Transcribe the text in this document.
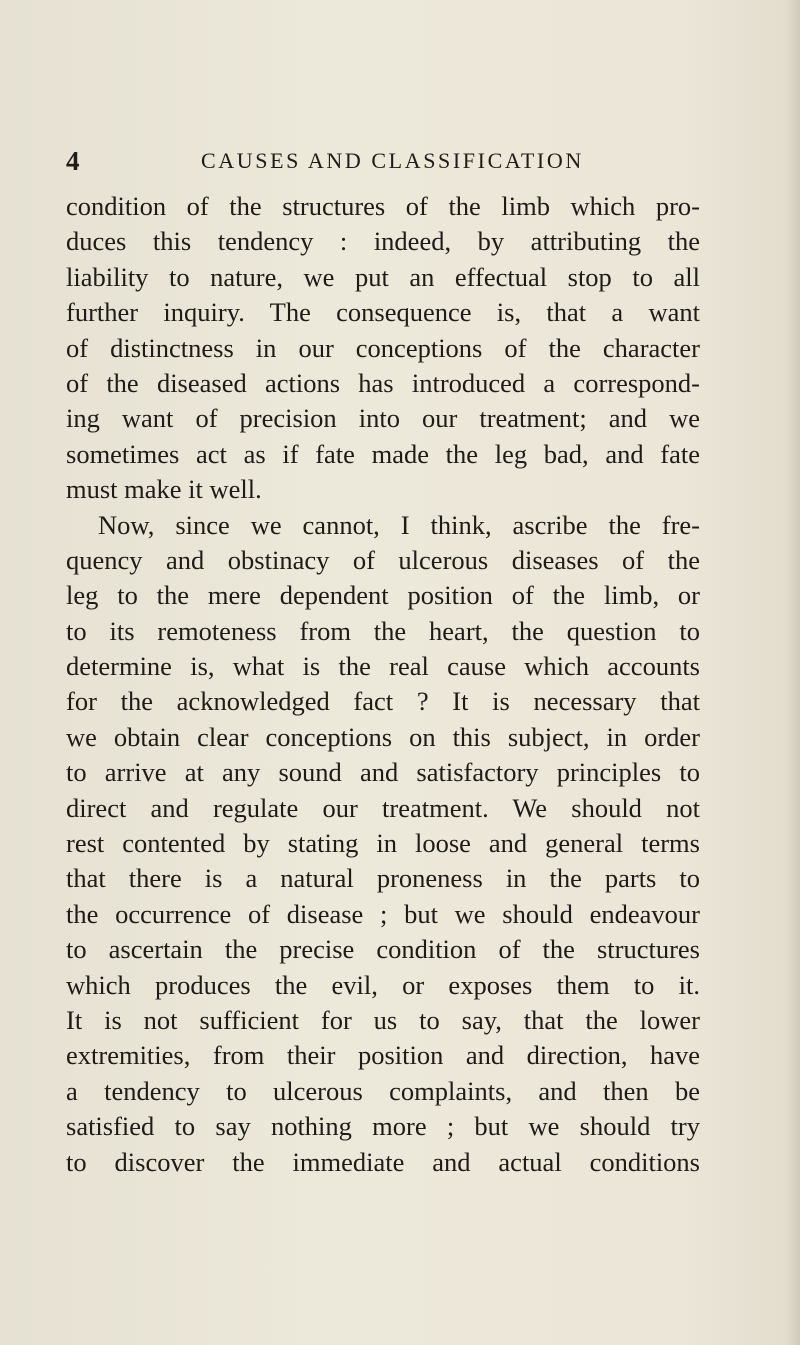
4	CAUSES AND CLASSIFICATION
condition of the structures of the limb which pro-
duces this tendency : indeed, by attributing the
liability to nature, we put an effectual stop to all
further inquiry. The consequence is, that a want
of distinctness in our conceptions of the character
of the diseased actions has introduced a correspond-
ing want of precision into our treatment; and we
sometimes act as if fate made the leg bad, and fate
must make it well.
Now, since we cannot, I think, ascribe the fre-
quency and obstinacy of ulcerous diseases of the
leg to the mere dependent position of the limb, or
to its remoteness from the heart, the question to
determine is, what is the real cause which accounts
for the acknowledged fact ? It is necessary that
we obtain clear conceptions on this subject, in order
to arrive at any sound and satisfactory principles to
direct and regulate our treatment. We should not
rest contented by stating in loose and general terms
that there is a natural proneness in the parts to
the occurrence of disease ; but we should endeavour
to ascertain the precise condition of the structures
which produces the evil, or exposes them to it.
It is not sufficient for us to say, that the lower
extremities, from their position and direction, have
a tendency to ulcerous complaints, and then be
satisfied to say nothing more ; but we should try
to discover the immediate and actual conditions
